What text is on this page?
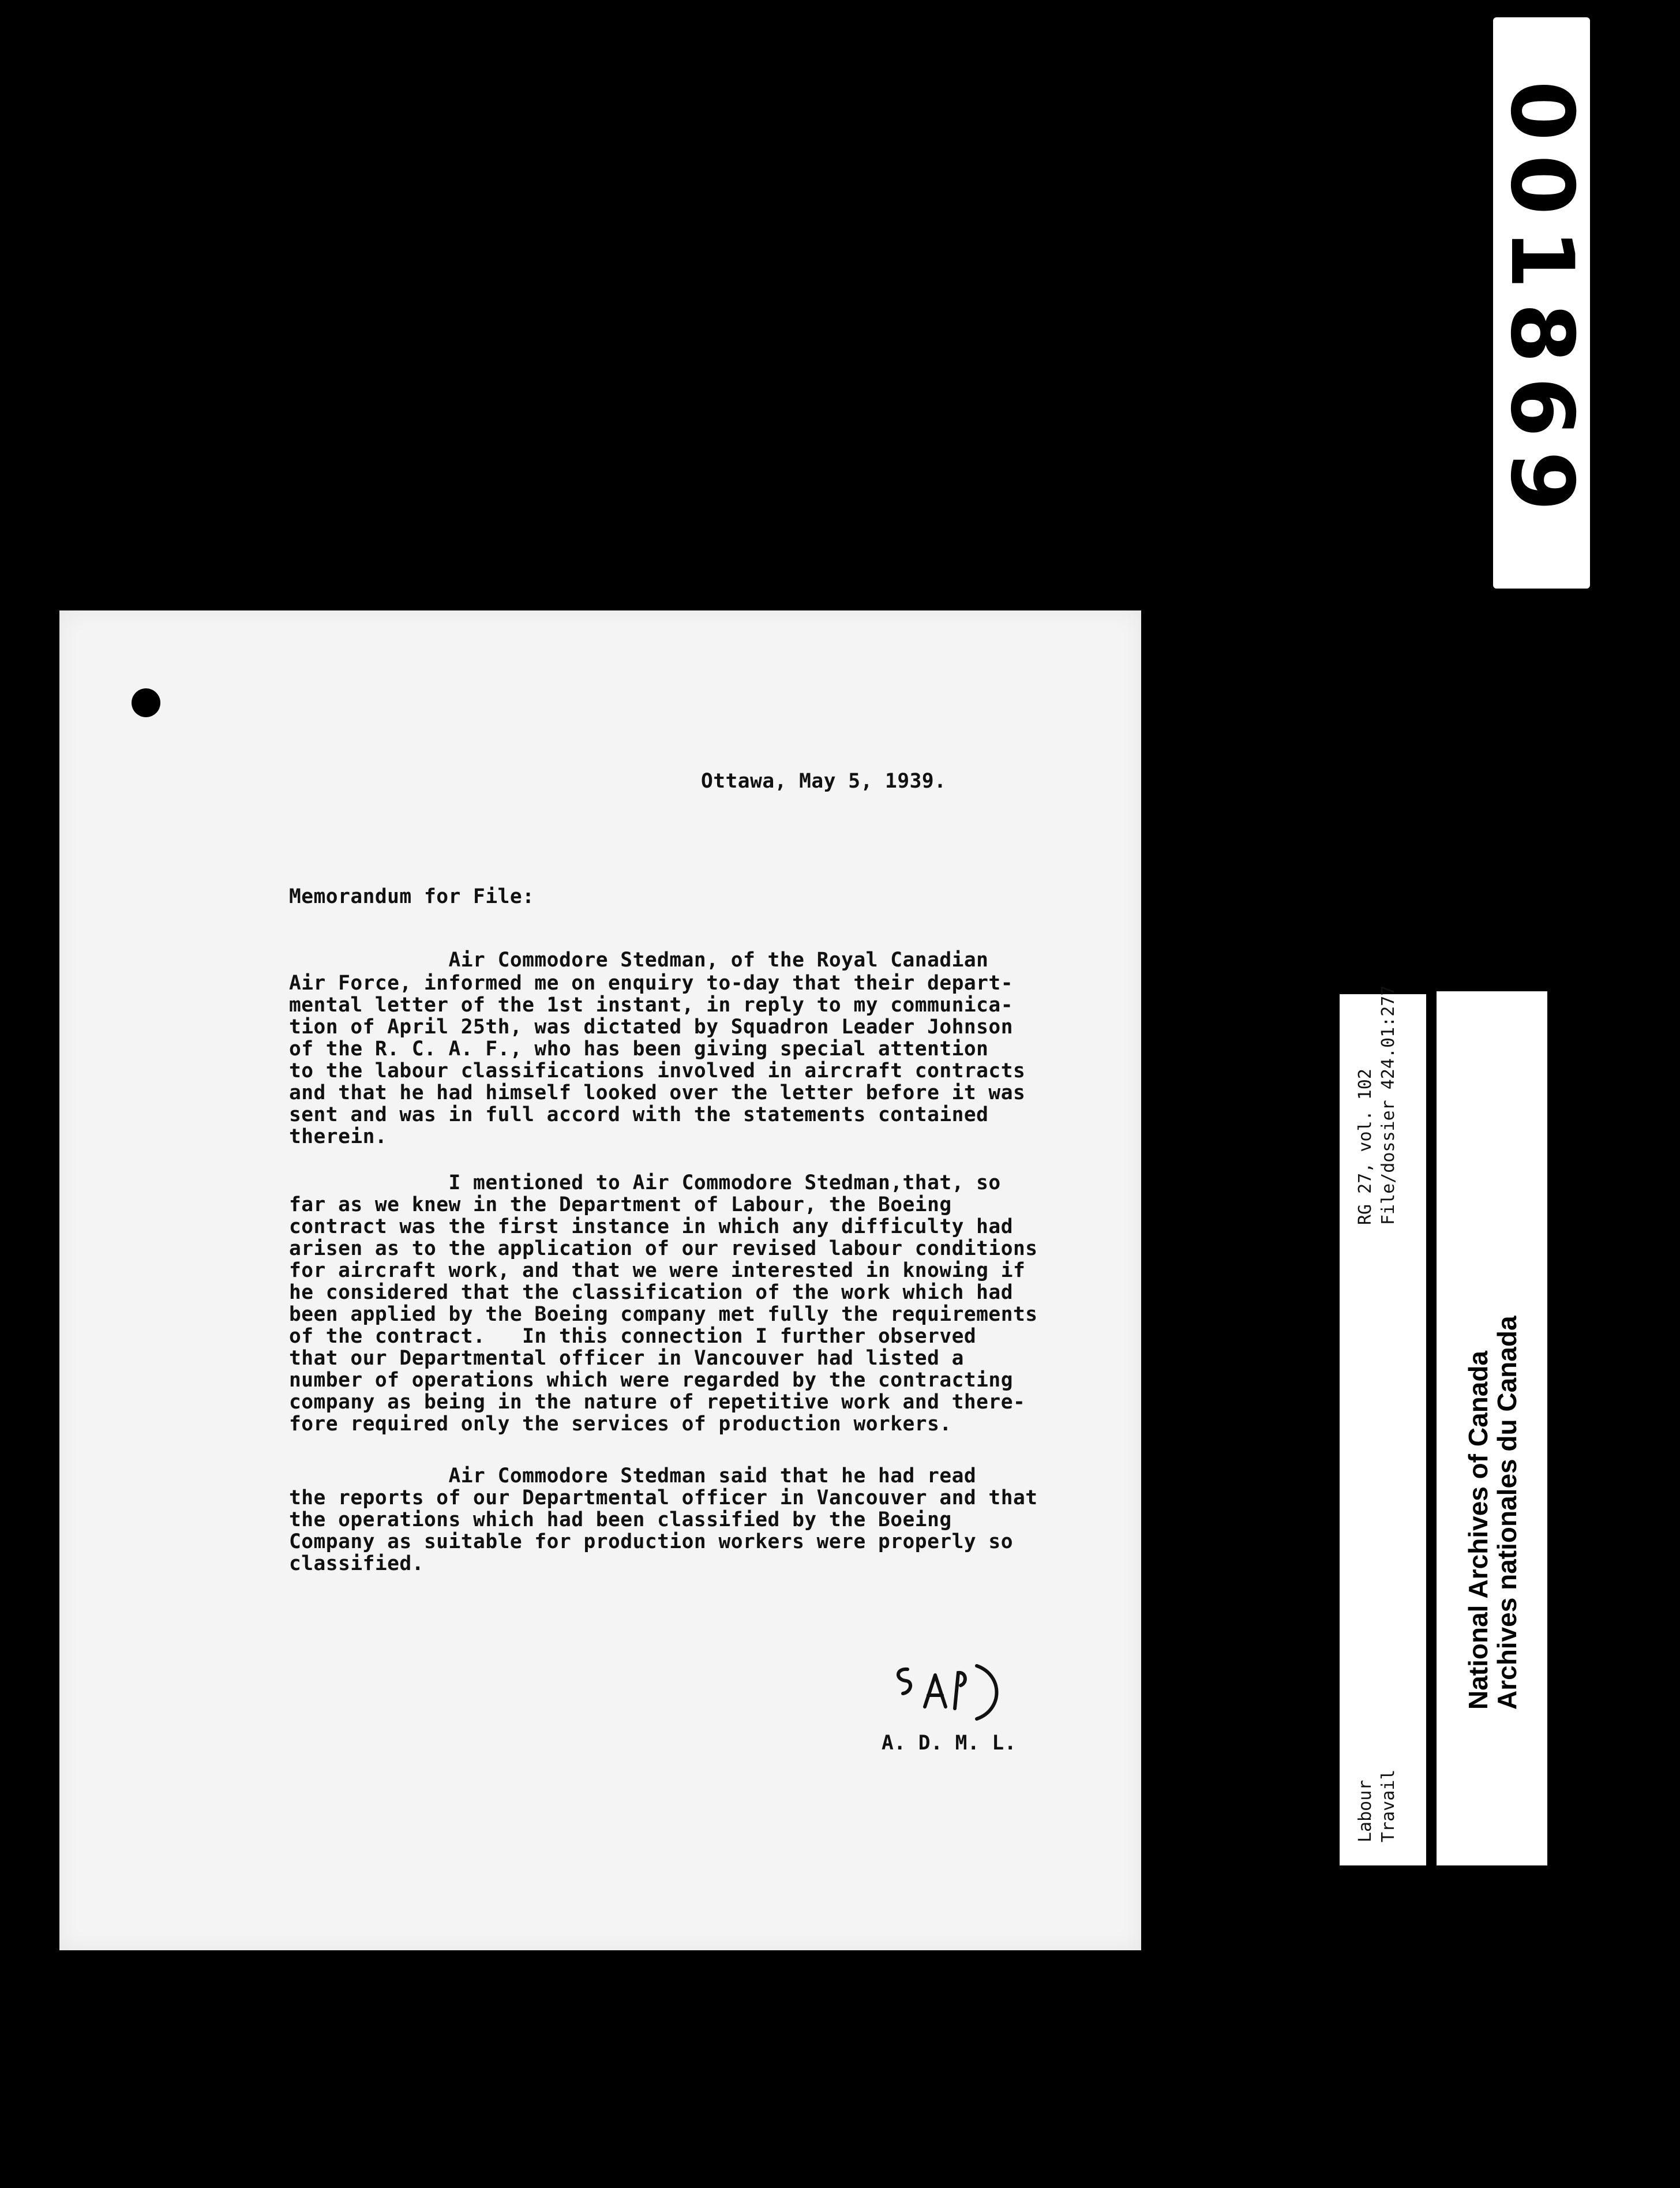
001869
Ottawa, May 5, 1939.
Memorandum for File:
Air Commodore Stedman, of the Royal Canadian
Air Force, informed me on enquiry to-day that their depart-
mental letter of the 1st instant, in reply to my communica-
tion of April 25th, was dictated by Squadron Leader Johnson
of the R. C. A. F., who has been giving special attention
to the labour classifications involved in aircraft contracts
and that he had himself looked over the letter before it was
sent and was in full accord with the statements contained
therein.
I mentioned to Air Commodore Stedman,that, so
far as we knew in the Department of Labour, the Boeing
contract was the first instance in which any difficulty had
arisen as to the application of our revised labour conditions
for aircraft work, and that we were interested in knowing if
he considered that the classification of the work which had
been applied by the Boeing company met fully the requirements
of the contract.   In this connection I further observed
that our Departmental officer in Vancouver had listed a
number of operations which were regarded by the contracting
company as being in the nature of repetitive work and there-
fore required only the services of production workers.
Air Commodore Stedman said that he had read
the reports of our Departmental officer in Vancouver and that
the operations which had been classified by the Boeing
Company as suitable for production workers were properly so
classified.
A. D. M. L.
RG 27, vol. 102 File/dossier 424.01:277
Labour Travail
National Archives of Canada
Archives nationales du Canada
